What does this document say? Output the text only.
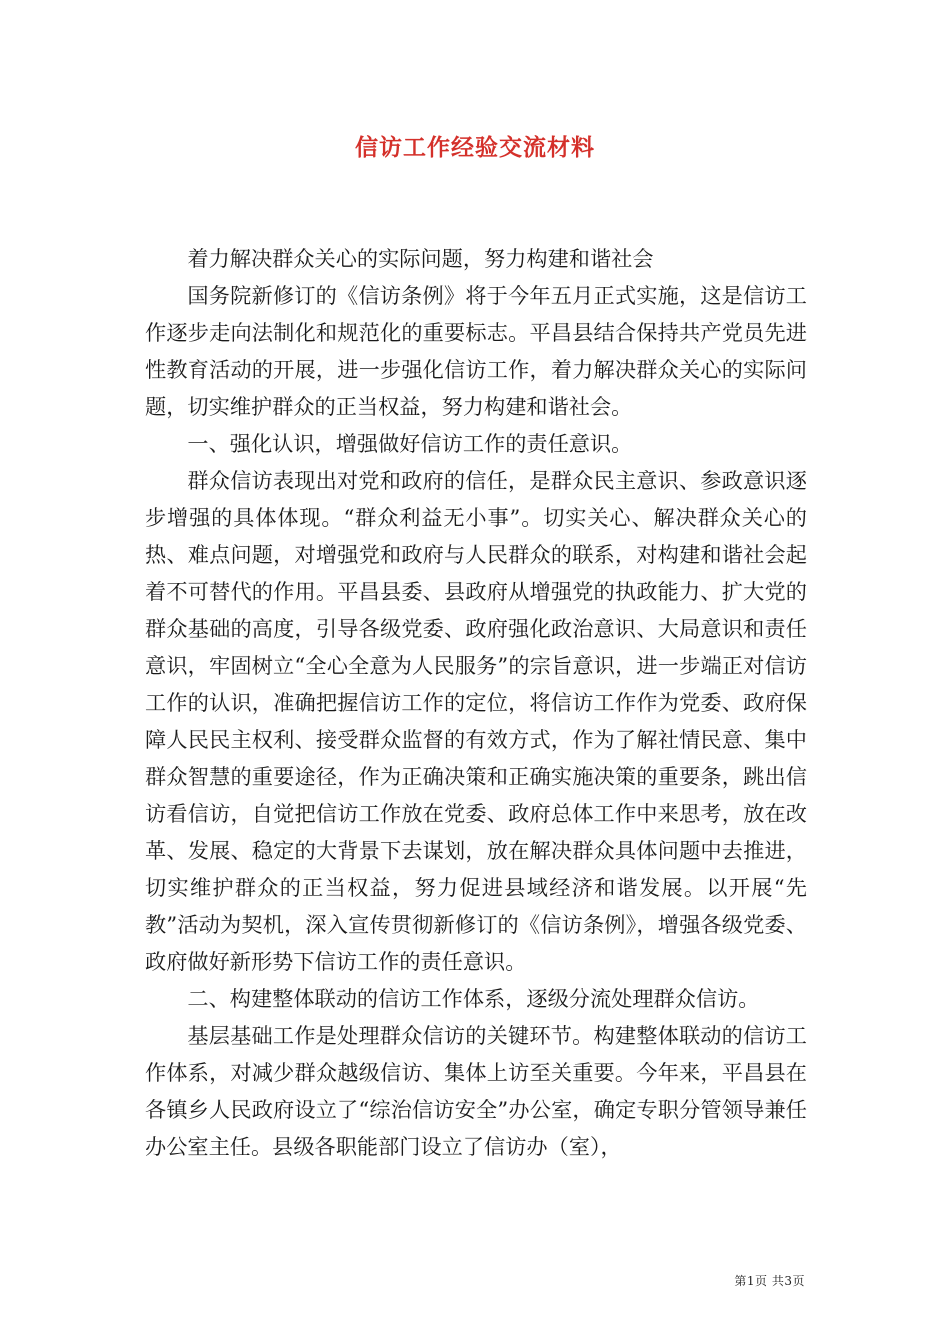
信访工作经验交流材料

着力解决群众关心的实际问题，努力构建和谐社会

国务院新修订的《信访条例》将于今年五月正式实施，这是信访工作逐步走向法制化和规范化的重要标志。平昌县结合保持共产党员先进性教育活动的开展，进一步强化信访工作，着力解决群众关心的实际问题，切实维护群众的正当权益，努力构建和谐社会。

一、强化认识，增强做好信访工作的责任意识。

群众信访表现出对党和政府的信任，是群众民主意识、参政意识逐步增强的具体体现。“群众利益无小事”。切实关心、解决群众关心的热、难点问题，对增强党和政府与人民群众的联系，对构建和谐社会起着不可替代的作用。平昌县委、县政府从增强党的执政能力、扩大党的群众基础的高度，引导各级党委、政府强化政治意识、大局意识和责任意识，牢固树立“全心全意为人民服务”的宗旨意识，进一步端正对信访工作的认识，准确把握信访工作的定位，将信访工作作为党委、政府保障人民民主权利、接受群众监督的有效方式，作为了解社情民意、集中群众智慧的重要途径，作为正确决策和正确实施决策的重要条，跳出信访看信访，自觉把信访工作放在党委、政府总体工作中来思考，放在改革、发展、稳定的大背景下去谋划，放在解决群众具体问题中去推进，切实维护群众的正当权益，努力促进县域经济和谐发展。以开展“先教”活动为契机，深入宣传贯彻新修订的《信访条例》，增强各级党委、政府做好新形势下信访工作的责任意识。

二、构建整体联动的信访工作体系，逐级分流处理群众信访。

基层基础工作是处理群众信访的关键环节。构建整体联动的信访工作体系，对减少群众越级信访、集体上访至关重要。今年来，平昌县在各镇乡人民政府设立了“综治信访安全”办公室，确定专职分管领导兼任办公室主任。县级各职能部门设立了信访办（室），

第1页 共3页
